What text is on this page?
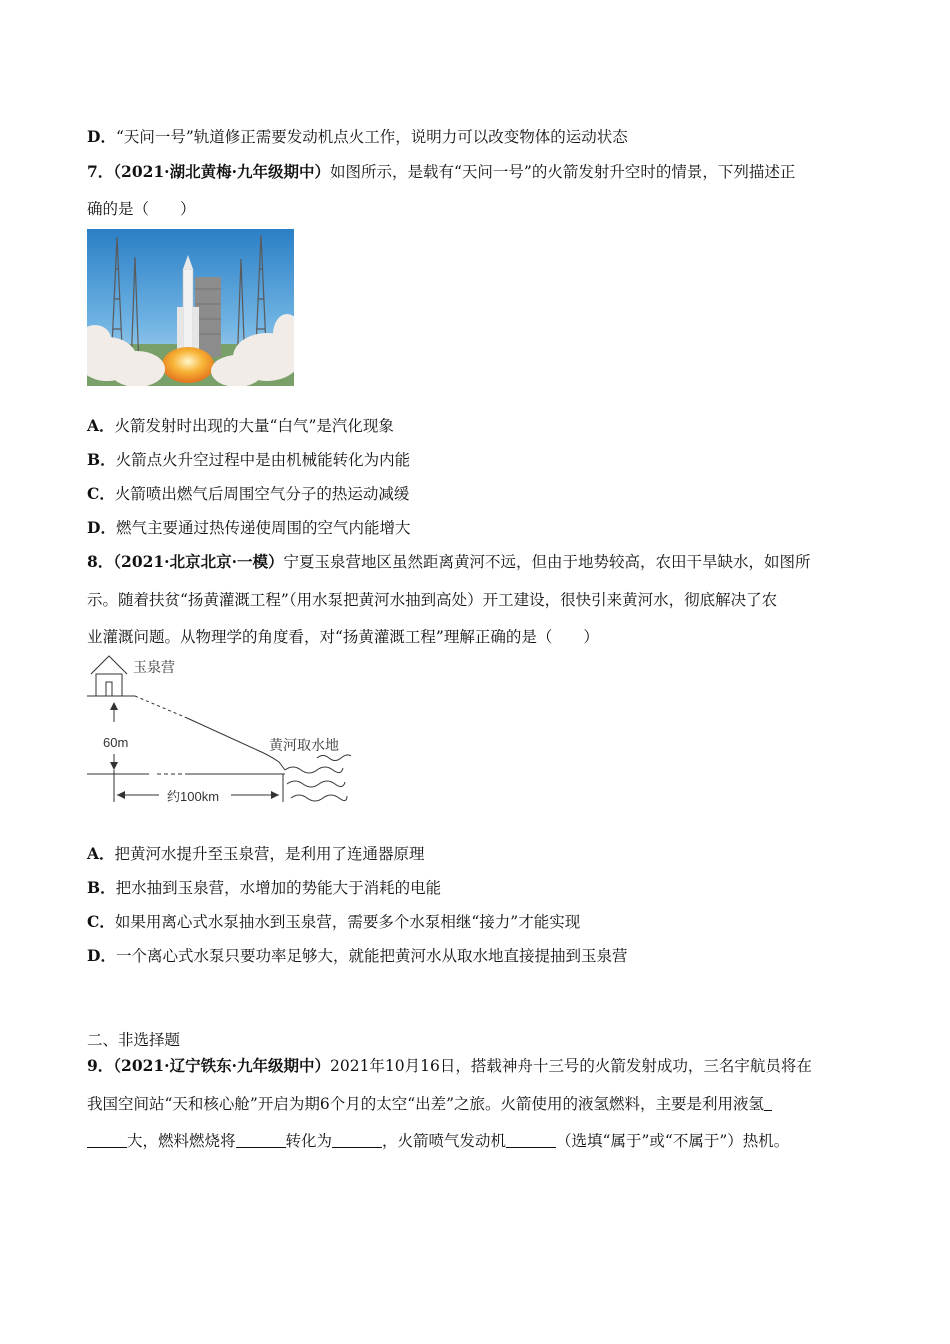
D．“天问一号”轨道修正需要发动机点火工作，说明力可以改变物体的运动状态
7．（2021·湖北黄梅·九年级期中）如图所示，是载有“天问一号”的火箭发射升空时的情景，下列描述正
确的是（　　）
A．火箭发射时出现的大量“白气”是汽化现象
B．火箭点火升空过程中是由机械能转化为内能
C．火箭喷出燃气后周围空气分子的热运动减缓
D．燃气主要通过热传递使周围的空气内能增大
8．（2021·北京北京·一模）宁夏玉泉营地区虽然距离黄河不远，但由于地势较高，农田干旱缺水，如图所
示。随着扶贫“扬黄灌溉工程”（用水泵把黄河水抽到高处）开工建设，很快引来黄河水，彻底解决了农
业灌溉问题。从物理学的角度看，对“扬黄灌溉工程”理解正确的是（　　）
玉泉营
黄河取水地
60m
约100km
A．把黄河水提升至玉泉营，是利用了连通器原理
B．把水抽到玉泉营，水增加的势能大于消耗的电能
C．如果用离心式水泵抽水到玉泉营，需要多个水泵相继“接力”才能实现
D．一个离心式水泵只要功率足够大，就能把黄河水从取水地直接提抽到玉泉营
二、非选择题
9．（2021·辽宁铁东·九年级期中）2021年10月16日，搭载神舟十三号的火箭发射成功，三名宇航员将在
我国空间站“天和核心舱”开启为期6个月的太空“出差”之旅。火箭使用的液氢燃料，主要是利用液氢
大，燃料燃烧将	转化为	，火箭喷气发动机	（选填“属于”或“不属于”）热机。
